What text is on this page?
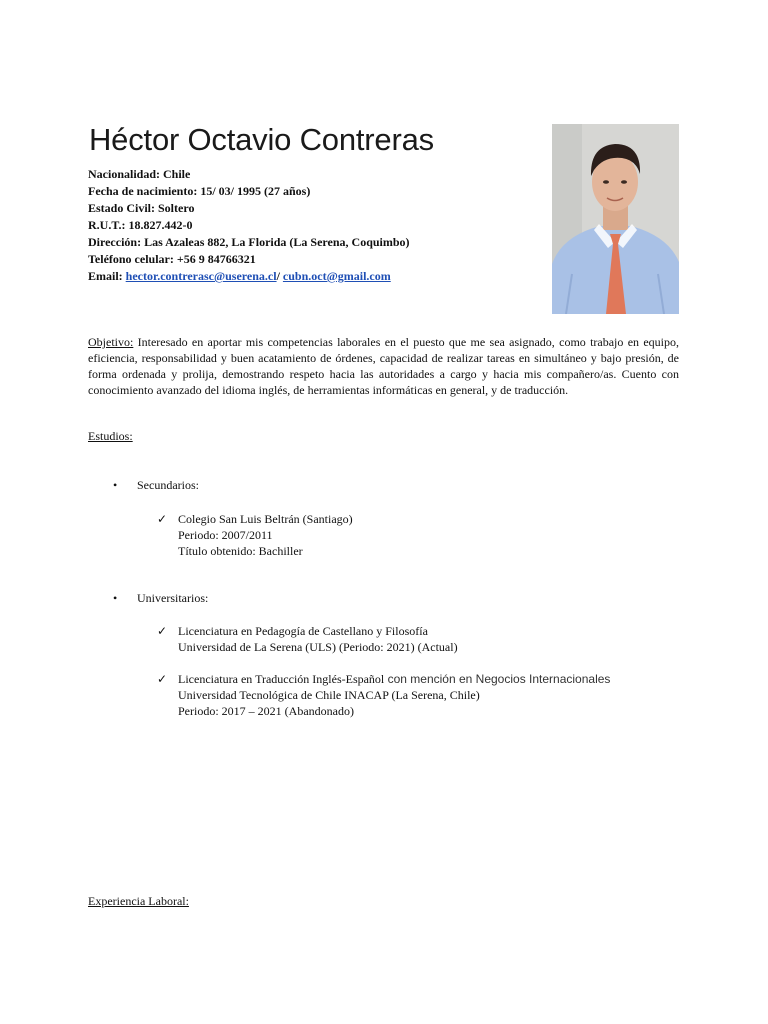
Héctor Octavio Contreras
Nacionalidad: Chile
Fecha de nacimiento: 15/ 03/ 1995 (27 años)
Estado Civil: Soltero
R.U.T.: 18.827.442-0
Dirección: Las Azaleas 882, La Florida (La Serena, Coquimbo)
Teléfono celular: +56 9 84766321
Email: hector.contrerasc@userena.cl/ cubn.oct@gmail.com
Objetivo: Interesado en aportar mis competencias laborales en el puesto que me sea asignado, como trabajo en equipo, eficiencia, responsabilidad y buen acatamiento de órdenes, capacidad de realizar tareas en simultáneo y bajo presión, de forma ordenada y prolija, demostrando respeto hacia las autoridades a cargo y hacia mis compañero/as. Cuento con conocimiento avanzado del idioma inglés, de herramientas informáticas en general, y de traducción.
Estudios:
•	Secundarios:
✓ Colegio San Luis Beltrán (Santiago)
Periodo: 2007/2011
Título obtenido: Bachiller
•	Universitarios:
✓ Licenciatura en Pedagogía de Castellano y Filosofía
Universidad de La Serena (ULS) (Periodo: 2021) (Actual)
✓ Licenciatura en Traducción Inglés-Español con mención en Negocios Internacionales
Universidad Tecnológica de Chile INACAP (La Serena, Chile)
Periodo: 2017 – 2021 (Abandonado)
Experiencia Laboral:
